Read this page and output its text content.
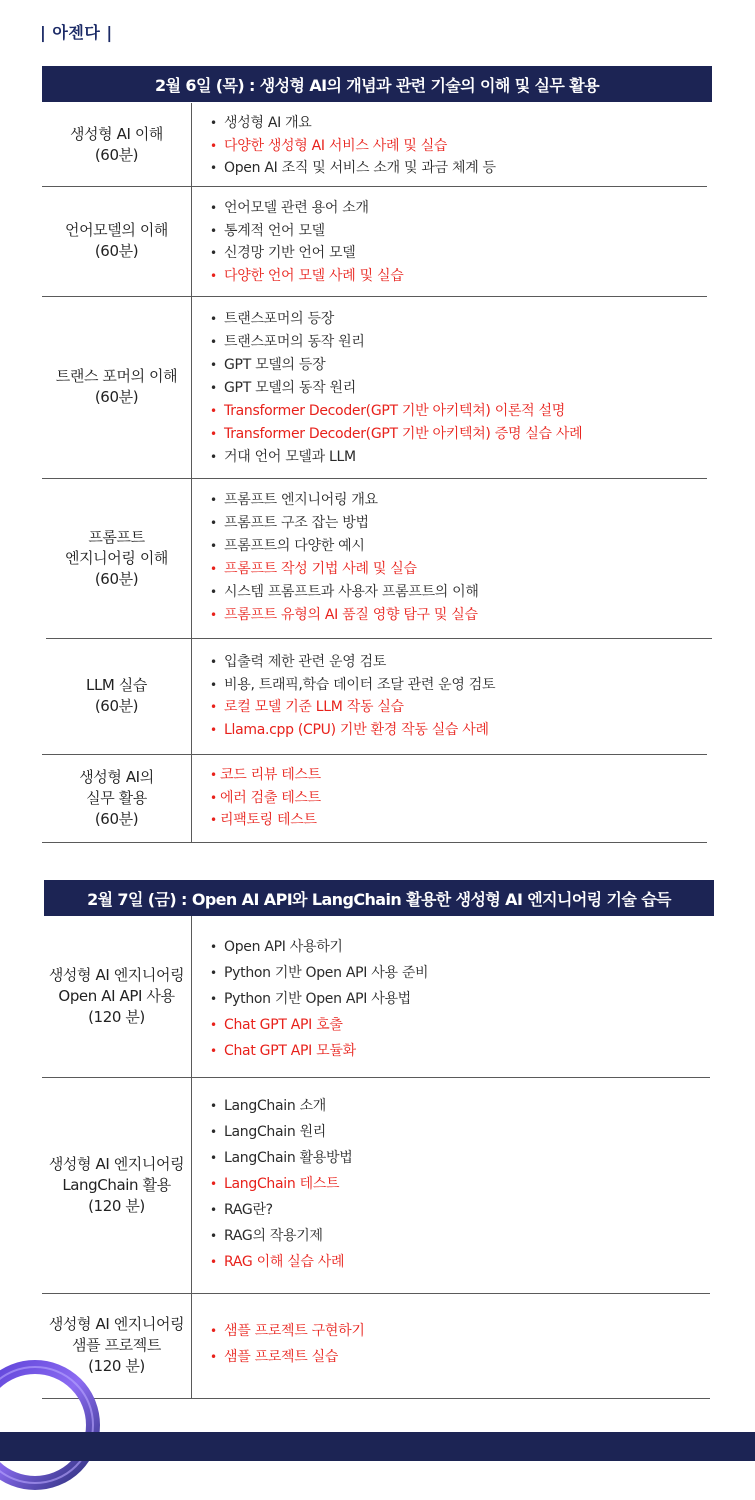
| 아젠다 |
2월 6일 (목) : 생성형 AI의 개념과 관련 기술의 이해 및 실무 활용
생성형 AI 이해
(60분)
• 생성형 AI 개요
• 다양한 생성형 AI 서비스 사례 및 실습
• Open AI 조직 및 서비스 소개 및 과금 체계 등
언어모델의 이해
(60분)
• 언어모델 관련 용어 소개
• 통계적 언어 모델
• 신경망 기반 언어 모델
• 다양한 언어 모델 사례 및 실습
트랜스 포머의 이해
(60분)
• 트랜스포머의 등장
• 트랜스포머의 동작 원리
• GPT 모델의 등장
• GPT 모델의 동작 원리
• Transformer Decoder(GPT 기반 아키텍쳐) 이론적 설명
• Transformer Decoder(GPT 기반 아키텍쳐) 증명 실습 사례
• 거대 언어 모델과 LLM
프롬프트
엔지니어링 이해
(60분)
• 프롬프트 엔지니어링 개요
• 프롬프트 구조 잡는 방법
• 프롬프트의 다양한 예시
• 프롬프트 작성 기법 사례 및 실습
• 시스템 프롬프트과 사용자 프롬프트의 이해
• 프롬프트 유형의 AI 품질 영향 탐구 및 실습
LLM 실습
(60분)
• 입출력 제한 관련 운영 검토
• 비용, 트래픽,학습 데이터 조달 관련 운영 검토
• 로컬 모델 기준 LLM 작동 실습
• Llama.cpp (CPU) 기반 환경 작동 실습 사례
생성형 AI의
실무 활용
(60분)
• 코드 리뷰 테스트
• 에러 검출 테스트
• 리팩토링 테스트
2월 7일 (금) : Open AI API와 LangChain 활용한 생성형 AI 엔지니어링 기술 습득
생성형 AI 엔지니어링
Open AI API 사용
(120 분)
• Open API 사용하기
• Python 기반 Open API 사용 준비
• Python 기반 Open API 사용법
• Chat GPT API 호출
• Chat GPT API 모듈화
생성형 AI 엔지니어링
LangChain 활용
(120 분)
• LangChain 소개
• LangChain 원리
• LangChain 활용방법
• LangChain 테스트
• RAG란?
• RAG의 작용기제
• RAG 이해 실습 사례
생성형 AI 엔지니어링
샘플 프로젝트
(120 분)
• 샘플 프로젝트 구현하기
• 샘플 프로젝트 실습
